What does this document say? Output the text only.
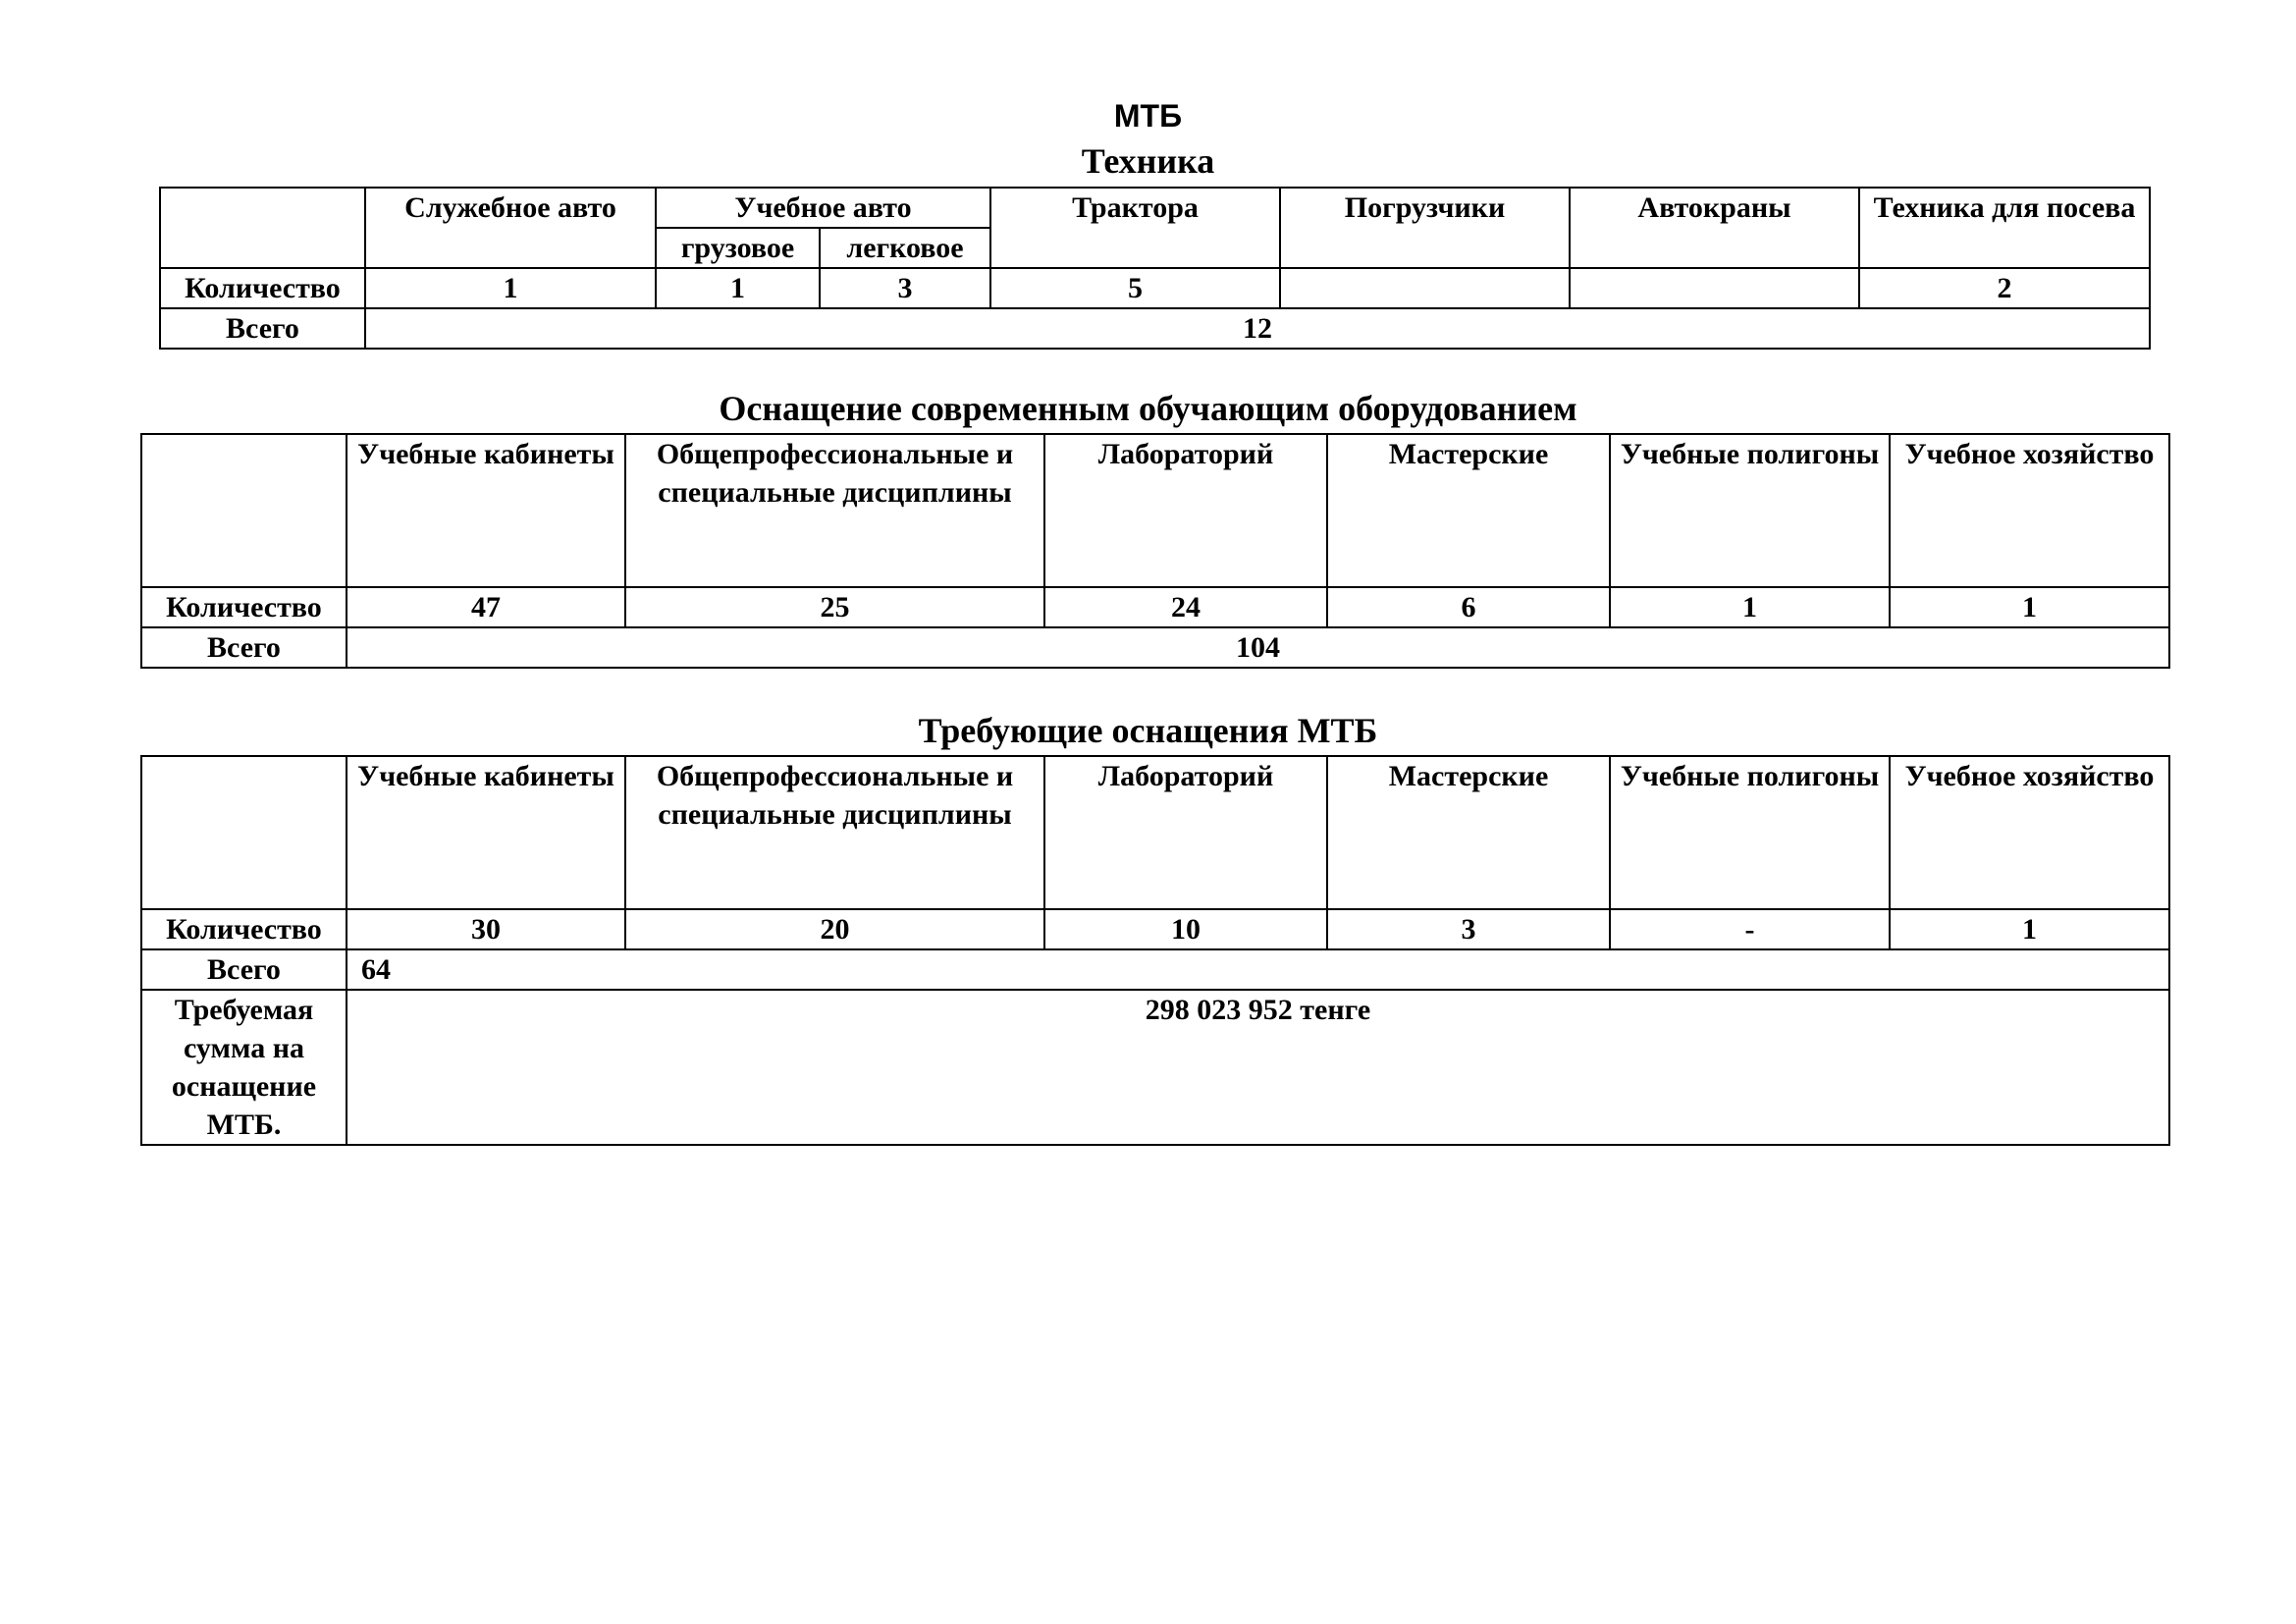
МТБ
Техника
	Служебное авто	Учебное авто		Трактора	Погрузчики	Автокраны	Техника для посева
		грузовое	легковое				
Количество	1	1	3	5			2
Всего	12						
Оснащение современным обучающим оборудованием
	Учебные кабинеты	Общепрофессиональные и специальные дисциплины	Лабораторий	Мастерские	Учебные полигоны	Учебное хозяйство
Количество	47	25	24	6	1	1
Всего	104					
Требующие оснащения МТБ
	Учебные кабинеты	Общепрофессиональные и специальные дисциплины	Лабораторий	Мастерские	Учебные полигоны	Учебное хозяйство
Количество	30	20	10	3	-	1
Всего	64					
Требуемая сумма на оснащение МТБ.	298 023 952 тенге					
